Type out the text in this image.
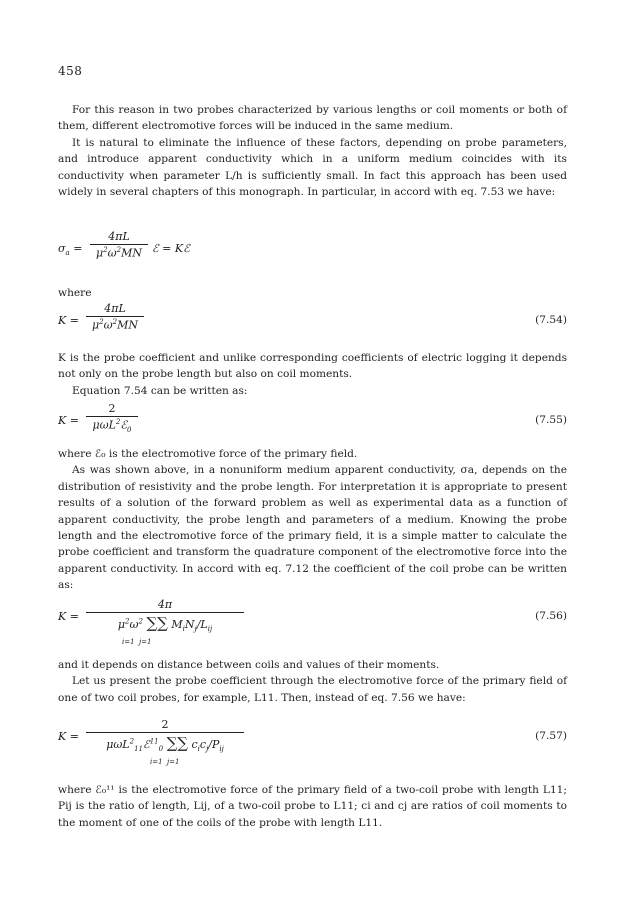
458

For this reason in two probes characterized by various lengths or coil moments or both of them, different electromotive forces will be induced in the same medium.

It is natural to eliminate the influence of these factors, depending on probe parameters, and introduce apparent conductivity which in a uniform medium coincides with its conductivity when parameter L/h is sufficiently small. In fact this approach has been used widely in several chapters of this monograph. In particular, in accord with eq. 7.53 we have:

$\sigma_a$ =
4πL
$\mu^2\omega^2MN$ ℰ = Kℰ

where

K =
4πL
$\mu^2\omega^2MN$	(7.54)

K is the probe coefficient and unlike corresponding coefficients of electric logging it depends not only on the probe length but also on coil moments.

Equation 7.54 can be written as:

K =
2
μωL$^2$ℰ$_0$
(7.55)

where ℰ₀ is the electromotive force of the primary field.

As was shown above, in a nonuniform medium apparent conductivity, σa, depends on the distribution of resistivity and the probe length. For interpretation it is appropriate to present results of a solution of the forward problem as well as experimental data as a function of apparent conductivity, the probe length and parameters of a medium. Knowing the probe length and the electromotive force of the primary field, it is a simple matter to calculate the probe coefficient and transform the quadrature component of the electromotive force into the apparent conductivity. In accord with eq. 7.12 the coefficient of the coil probe can be written as:

K =
4π
$\mu^2\omega^2$ ∑∑ $M_iN_j/L_{ij}$
i=1  j=1
(7.56)

and it depends on distance between coils and values of their moments.

Let us present the probe coefficient through the electromotive force of the primary field of one of two coil probes, for example, L11. Then, instead of eq. 7.56 we have:

K =
2
μωL$^2_{11}$ℰ$^{11}_0$ ∑∑ $c_ic_j/P_{ij}$
i=1  j=1
(7.57)

where ℰ₀¹¹ is the electromotive force of the primary field of a two-coil probe with length L11; Pij is the ratio of length, Lij, of a two-coil probe to L11; ci and cj are ratios of coil moments to the moment of one of the coils of the probe with length L11.
